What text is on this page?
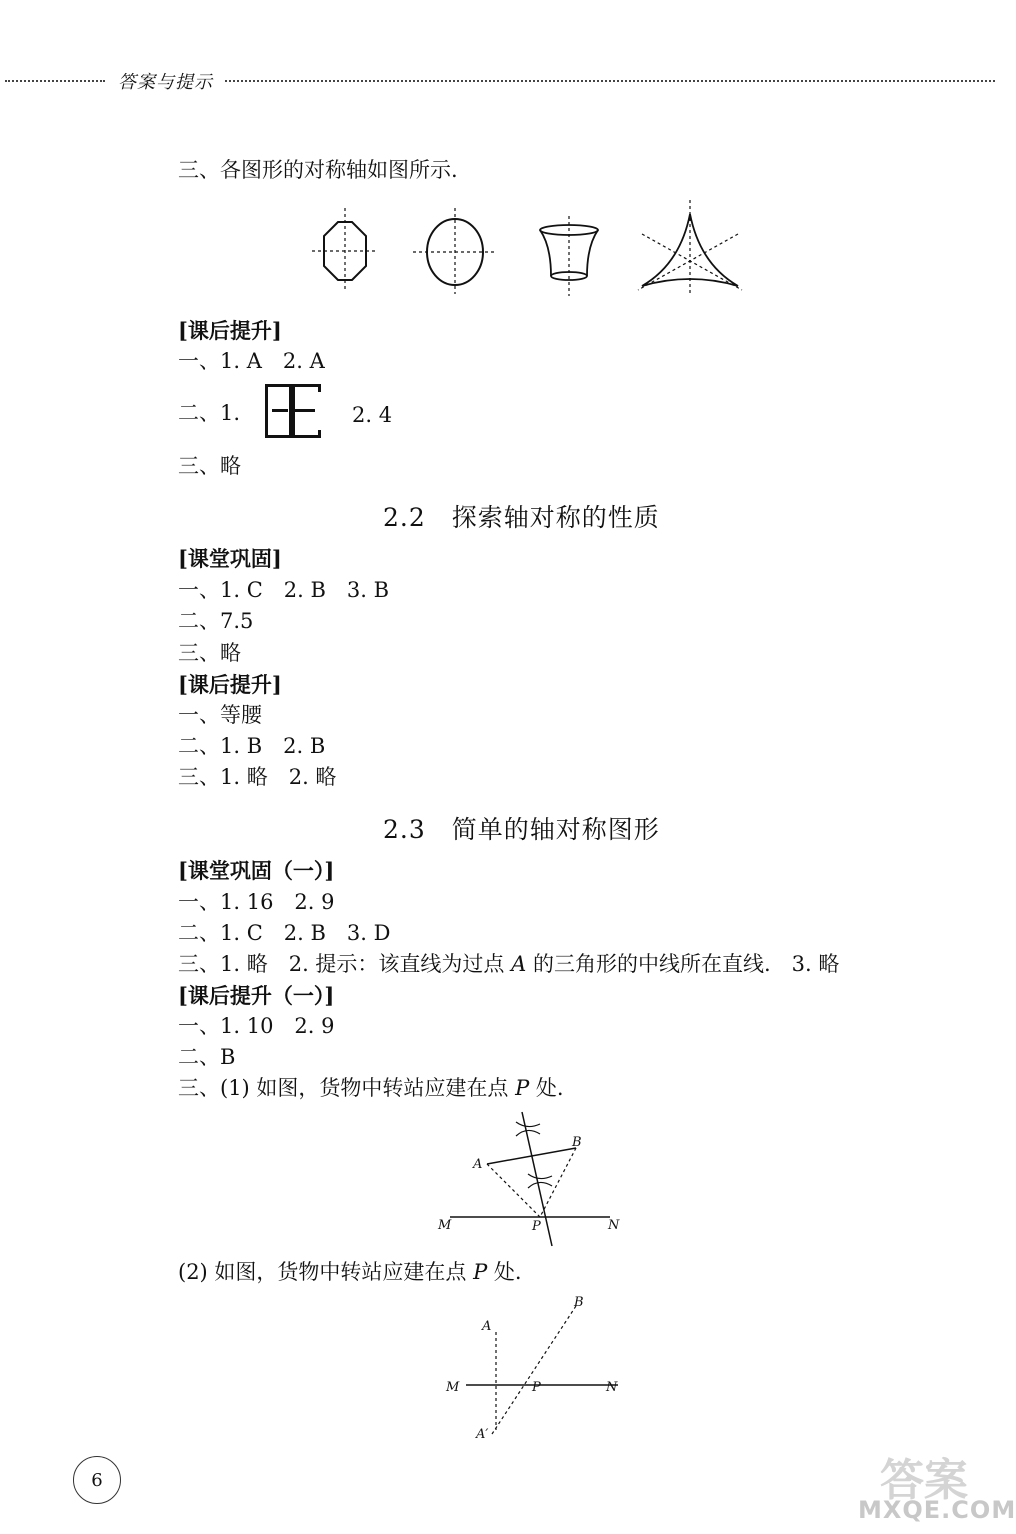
答案与提示
三、各图形的对称轴如图所示.
[课后提升]
一、1. A　2. A
二、1.	2. 4
三、略
2.2　探索轴对称的性质
[课堂巩固]
一、1. C　2. B　3. B
二、7.5
三、略
[课后提升]
一、等腰
二、1. B　2. B
三、1. 略　2. 略
2.3　简单的轴对称图形
[课堂巩固（一）]
一、1. 16　2. 9
二、1. C　2. B　3. D
三、1. 略　2. 提示：该直线为过点 A 的三角形的中线所在直线.　3. 略
[课后提升（一）]
一、1. 10　2. 9
二、B
三、(1) 如图，货物中转站应建在点 P 处.
A
B
M	P	N
(2) 如图，货物中转站应建在点 P 处.
A
B
M	P	N
A′
6	答案
MXQE.COM
